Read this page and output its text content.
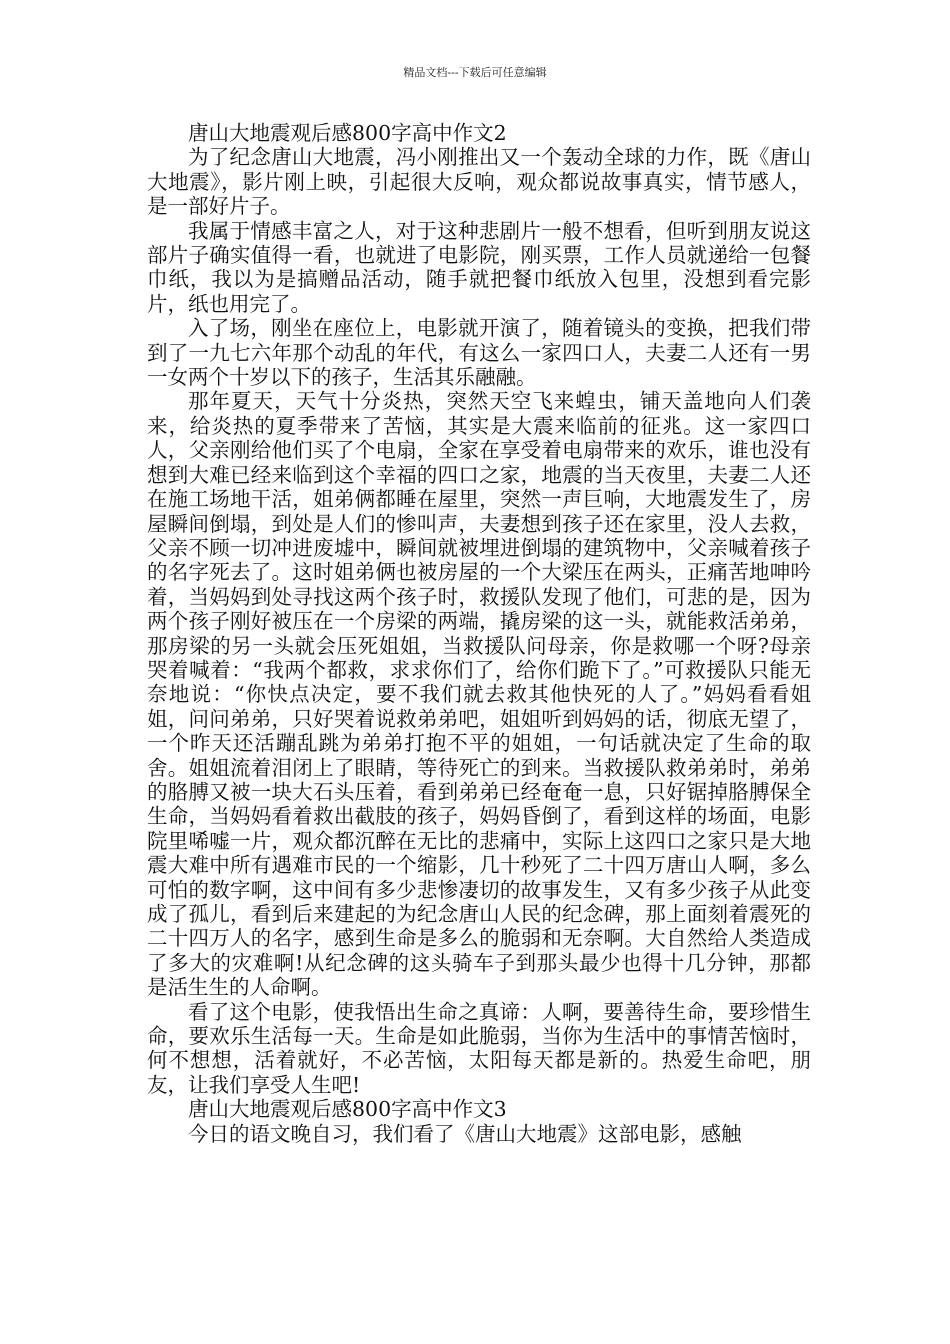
精品文档---下载后可任意编辑

唐山大地震观后感800字高中作文2

为了纪念唐山大地震，冯小刚推出又一个轰动全球的力作，既《唐山大地震》，影片刚上映，引起很大反响，观众都说故事真实，情节感人，是一部好片子。

我属于情感丰富之人，对于这种悲剧片一般不想看，但听到朋友说这部片子确实值得一看，也就进了电影院，刚买票，工作人员就递给一包餐巾纸，我以为是搞赠品活动，随手就把餐巾纸放入包里，没想到看完影片，纸也用完了。

入了场，刚坐在座位上，电影就开演了，随着镜头的变换，把我们带到了一九七六年那个动乱的年代，有这么一家四口人，夫妻二人还有一男一女两个十岁以下的孩子，生活其乐融融。

那年夏天，天气十分炎热，突然天空飞来蝗虫，铺天盖地向人们袭来，给炎热的夏季带来了苦恼，其实是大震来临前的征兆。这一家四口人，父亲刚给他们买了个电扇，全家在享受着电扇带来的欢乐，谁也没有想到大难已经来临到这个幸福的四口之家，地震的当天夜里，夫妻二人还在施工场地干活，姐弟俩都睡在屋里，突然一声巨响，大地震发生了，房屋瞬间倒塌，到处是人们的惨叫声，夫妻想到孩子还在家里，没人去救，父亲不顾一切冲进废墟中，瞬间就被埋进倒塌的建筑物中，父亲喊着孩子的名字死去了。这时姐弟俩也被房屋的一个大梁压在两头，正痛苦地呻吟着，当妈妈到处寻找这两个孩子时，救援队发现了他们，可悲的是，因为两个孩子刚好被压在一个房梁的两端，撬房梁的这一头，就能救活弟弟，那房梁的另一头就会压死姐姐，当救援队问母亲，你是救哪一个呀?母亲哭着喊着：“我两个都救，求求你们了，给你们跪下了。”可救援队只能无奈地说：“你快点决定，要不我们就去救其他快死的人了。”妈妈看看姐姐，问问弟弟，只好哭着说救弟弟吧，姐姐听到妈妈的话，彻底无望了，一个昨天还活蹦乱跳为弟弟打抱不平的姐姐，一句话就决定了生命的取舍。姐姐流着泪闭上了眼睛，等待死亡的到来。当救援队救弟弟时，弟弟的胳膊又被一块大石头压着，看到弟弟已经奄奄一息，只好锯掉胳膊保全生命，当妈妈看着救出截肢的孩子，妈妈昏倒了，看到这样的场面，电影院里唏嘘一片，观众都沉醉在无比的悲痛中，实际上这四口之家只是大地震大难中所有遇难市民的一个缩影，几十秒死了二十四万唐山人啊，多么可怕的数字啊，这中间有多少悲惨凄切的故事发生，又有多少孩子从此变成了孤儿，看到后来建起的为纪念唐山人民的纪念碑，那上面刻着震死的二十四万人的名字，感到生命是多么的脆弱和无奈啊。大自然给人类造成了多大的灾难啊!从纪念碑的这头骑车子到那头最少也得十几分钟，那都是活生生的人命啊。

看了这个电影，使我悟出生命之真谛：人啊，要善待生命，要珍惜生命，要欢乐生活每一天。生命是如此脆弱，当你为生活中的事情苦恼时，何不想想，活着就好，不必苦恼，太阳每天都是新的。热爱生命吧，朋友，让我们享受人生吧!

唐山大地震观后感800字高中作文3

今日的语文晚自习，我们看了《唐山大地震》这部电影，感触
